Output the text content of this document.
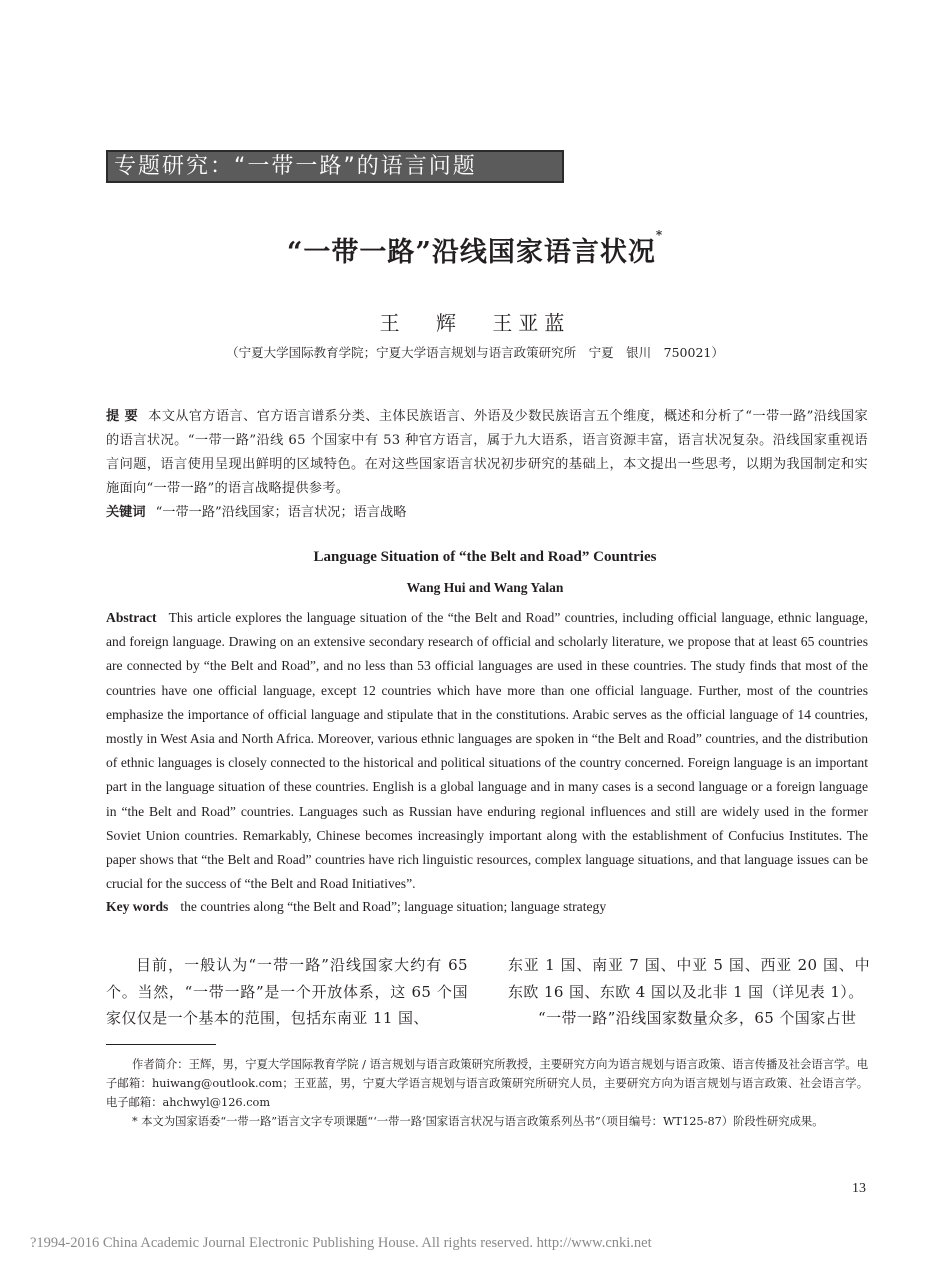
专题研究：“一带一路”的语言问题
“一带一路”沿线国家语言状况*
王 辉 王亚蓝
（宁夏大学国际教育学院；宁夏大学语言规划与语言政策研究所　宁夏　银川　750021）
提 要 本文从官方语言、官方语言谱系分类、主体民族语言、外语及少数民族语言五个维度，概述和分析了“一带一路”沿线国家的语言状况。“一带一路”沿线 65 个国家中有 53 种官方语言，属于九大语系，语言资源丰富，语言状况复杂。沿线国家重视语言问题，语言使用呈现出鲜明的区域特色。在对这些国家语言状况初步研究的基础上，本文提出一些思考，以期为我国制定和实施面向“一带一路”的语言战略提供参考。
关键词 “一带一路”沿线国家；语言状况；语言战略
Language Situation of “the Belt and Road” Countries
Wang Hui and Wang Yalan
Abstract This article explores the language situation of the “the Belt and Road” countries, including official language, ethnic language, and foreign language. Drawing on an extensive secondary research of official and scholarly literature, we propose that at least 65 countries are connected by “the Belt and Road”, and no less than 53 official languages are used in these countries. The study finds that most of the countries have one official language, except 12 countries which have more than one official language. Further, most of the countries emphasize the importance of official language and stipulate that in the constitutions. Arabic serves as the official language of 14 countries, mostly in West Asia and North Africa. Moreover, various ethnic languages are spoken in “the Belt and Road” countries, and the distribution of ethnic languages is closely connected to the historical and political situations of the country concerned. Foreign language is an important part in the language situation of these countries. English is a global language and in many cases is a second language or a foreign language in “the Belt and Road” countries. Languages such as Russian have enduring regional influences and still are widely used in the former Soviet Union countries. Remarkably, Chinese becomes increasingly important along with the establishment of Confucius Institutes. The paper shows that “the Belt and Road” countries have rich linguistic resources, complex language situations, and that language issues can be crucial for the success of “the Belt and Road Initiatives”.
Key words the countries along “the Belt and Road”; language situation; language strategy
目前，一般认为“一带一路”沿线国家大约有 65 个。当然，“一带一路”是一个开放体系，这 65 个国家仅仅是一个基本的范围，包括东南亚 11 国、
东亚 1 国、南亚 7 国、中亚 5 国、西亚 20 国、中东欧 16 国、东欧 4 国以及北非 1 国（详见表 1）。
“一带一路”沿线国家数量众多，65 个国家占世

作者简介：王辉，男，宁夏大学国际教育学院 / 语言规划与语言政策研究所教授，主要研究方向为语言规划与语言政策、语言传播及社会语言学。电子邮箱：huiwang@outlook.com；王亚蓝，男，宁夏大学语言规划与语言政策研究所研究人员，主要研究方向为语言规划与语言政策、社会语言学。电子邮箱：ahchwyl@126.com

* 本文为国家语委“一带一路”语言文字专项课题“‘一带一路’国家语言状况与语言政策系列丛书”（项目编号：WT125-87）阶段性研究成果。

13
?1994-2016 China Academic Journal Electronic Publishing House. All rights reserved. http://www.cnki.net
